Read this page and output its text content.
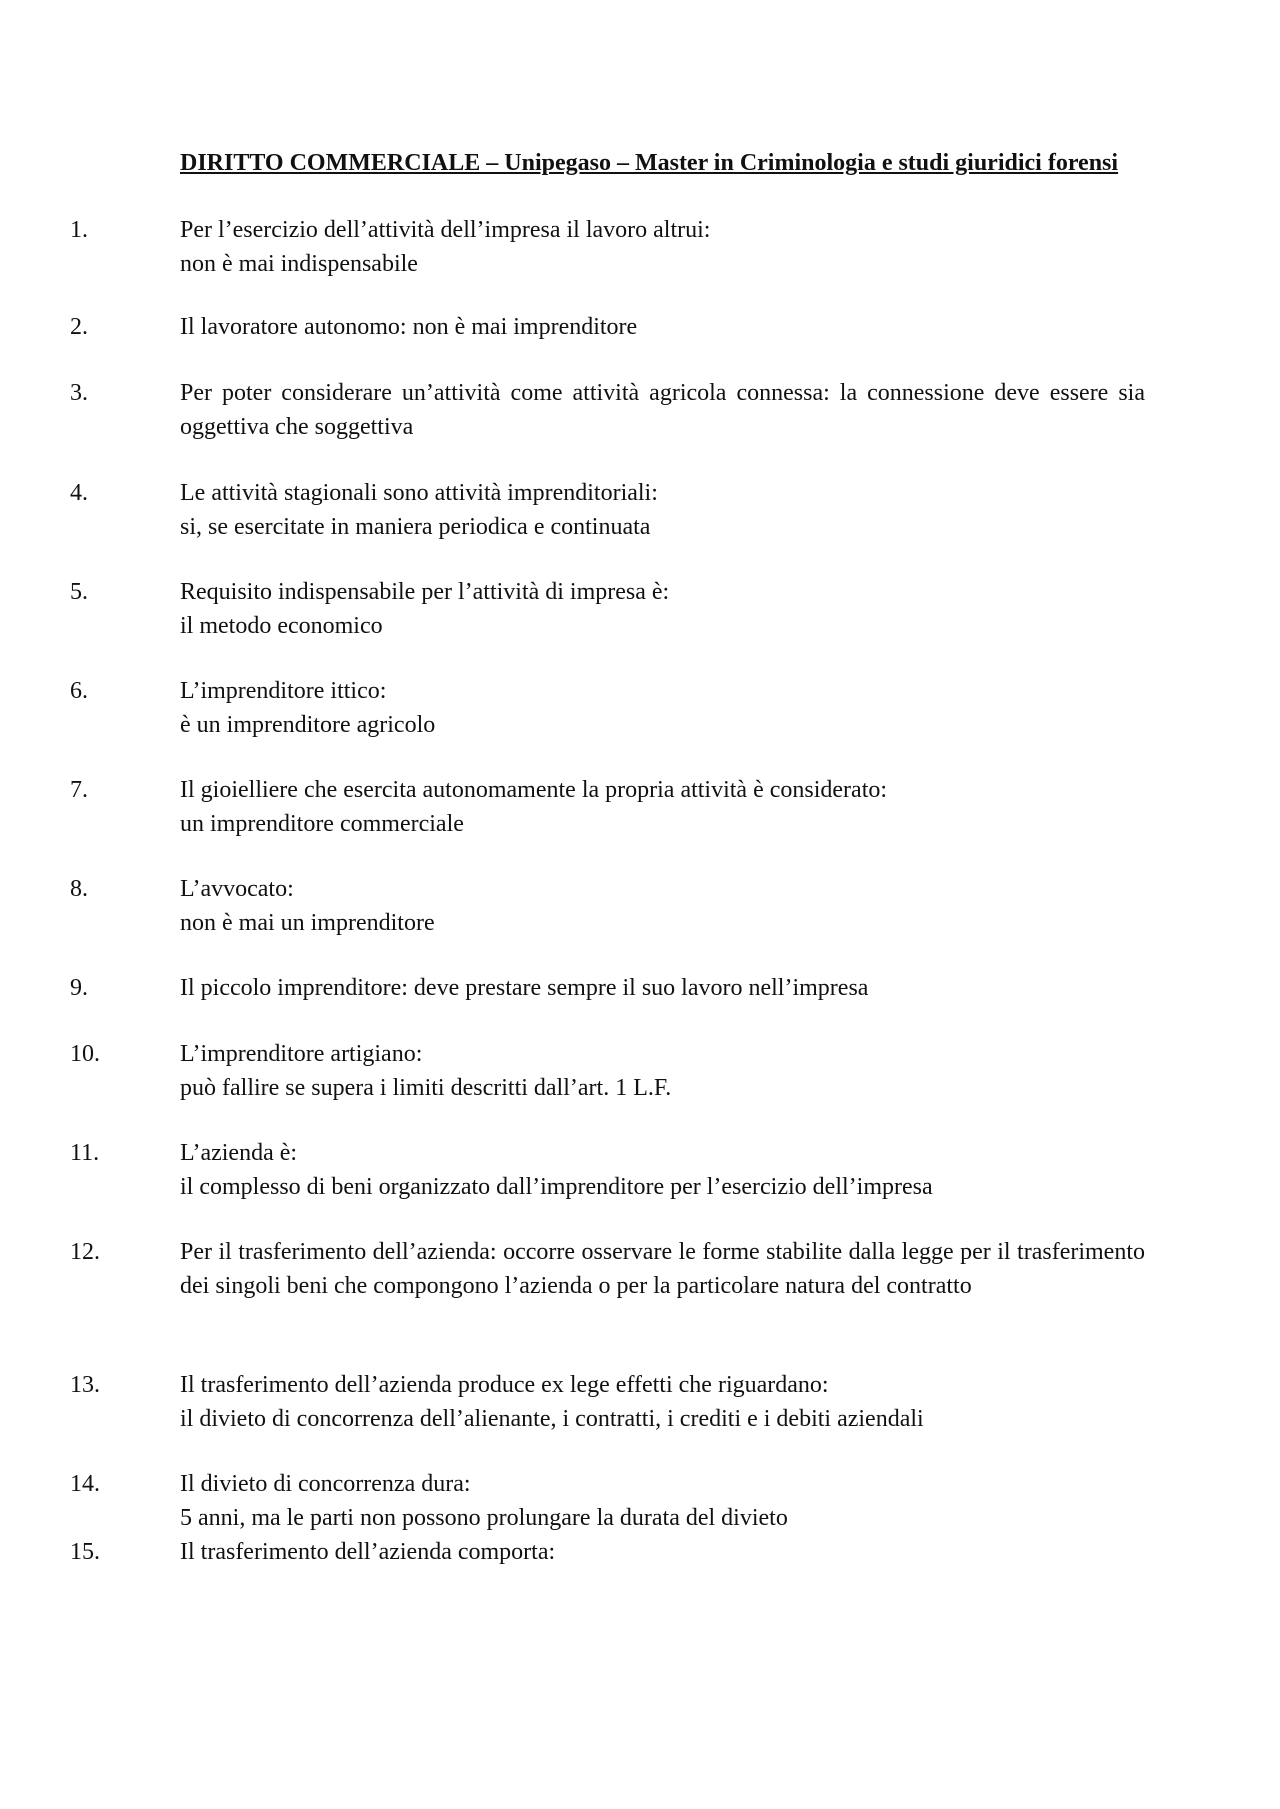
DIRITTO COMMERCIALE – Unipegaso – Master in Criminologia e studi giuridici forensi
1.	Per l’esercizio dell’attività dell’impresa il lavoro altrui:
non è mai indispensabile
2.	Il lavoratore autonomo: non è mai imprenditore
3.	Per poter considerare un’attività come attività agricola connessa: la connessione deve essere sia oggettiva che soggettiva
4.	Le attività stagionali sono attività imprenditoriali:
si, se esercitate in maniera periodica e continuata
5.	Requisito indispensabile per l’attività di impresa è:
il metodo economico
6.	L’imprenditore ittico:
è un imprenditore agricolo
7.	Il gioielliere che esercita autonomamente la propria attività è considerato:
un imprenditore commerciale
8.	L’avvocato:
non è mai un imprenditore
9.	Il piccolo imprenditore: deve prestare sempre il suo lavoro nell’impresa
10.	L’imprenditore artigiano:
può fallire se supera i limiti descritti dall’art. 1 L.F.
11.	L’azienda è:
il complesso di beni organizzato dall’imprenditore per l’esercizio dell’impresa
12.	Per il trasferimento dell’azienda: occorre osservare le forme stabilite dalla legge per il trasferimento dei singoli beni che compongono l’azienda o per la particolare natura del contratto
13.	Il trasferimento dell’azienda produce ex lege effetti che riguardano:
il divieto di concorrenza dell’alienante, i contratti, i crediti e i debiti aziendali
14.	Il divieto di concorrenza dura:
5 anni, ma le parti non possono prolungare la durata del divieto
15.	Il trasferimento dell’azienda comporta:
